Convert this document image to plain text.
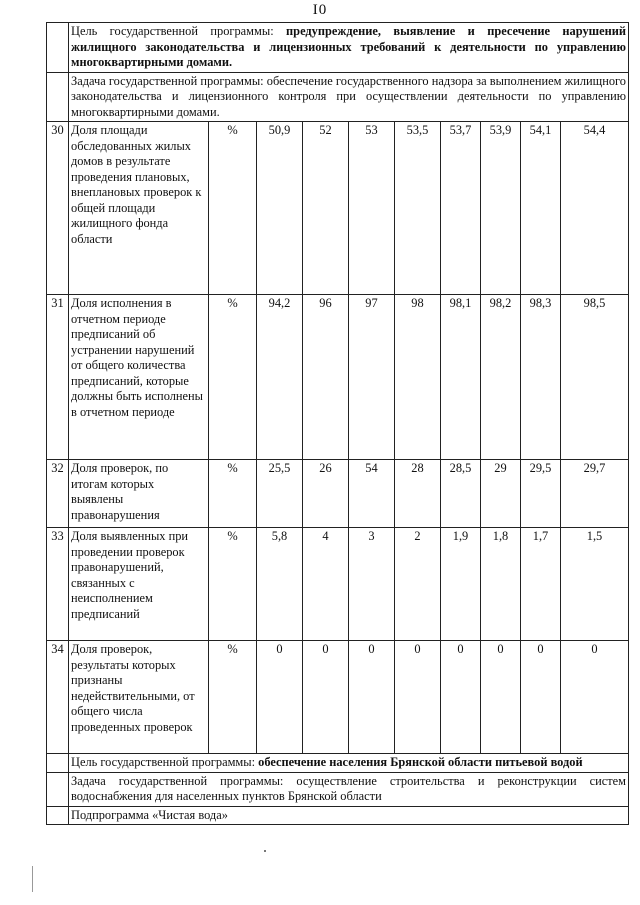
I0
	Цель государственной программы: предупреждение, выявление и пресечение нарушений жилищного законодательства и лицензионных требований к деятельности по управлению многоквартирными домами.									
	Задача государственной программы: обеспечение государственного надзора за выполнением жилищного законодательства и лицензионного контроля при осуществлении деятельности по управлению многоквартирными домами.									
30	Доля площади обследованных жилых домов в результате проведения плановых, внеплановых проверок к общей площади жилищного фонда области	%	50,9	52	53	53,5	53,7	53,9	54,1	54,4
31	Доля исполнения в отчетном периоде предписаний об устранении нарушений от общего количества предписаний, которые должны быть исполнены в отчетном периоде	%	94,2	96	97	98	98,1	98,2	98,3	98,5
32	Доля проверок, по итогам которых выявлены правонарушения	%	25,5	26	54	28	28,5	29	29,5	29,7
33	Доля выявленных при проведении проверок правонарушений, связанных с неисполнением предписаний	%	5,8	4	3	2	1,9	1,8	1,7	1,5
34	Доля проверок, результаты которых признаны недействительными, от общего числа проведенных проверок	%	0	0	0	0	0	0	0	0
	Цель государственной программы: обеспечение населения Брянской области питьевой водой									
	Задача государственной программы: осуществление строительства и реконструкции систем водоснабжения для населенных пунктов Брянской области									
	Подпрограмма «Чистая вода»									
